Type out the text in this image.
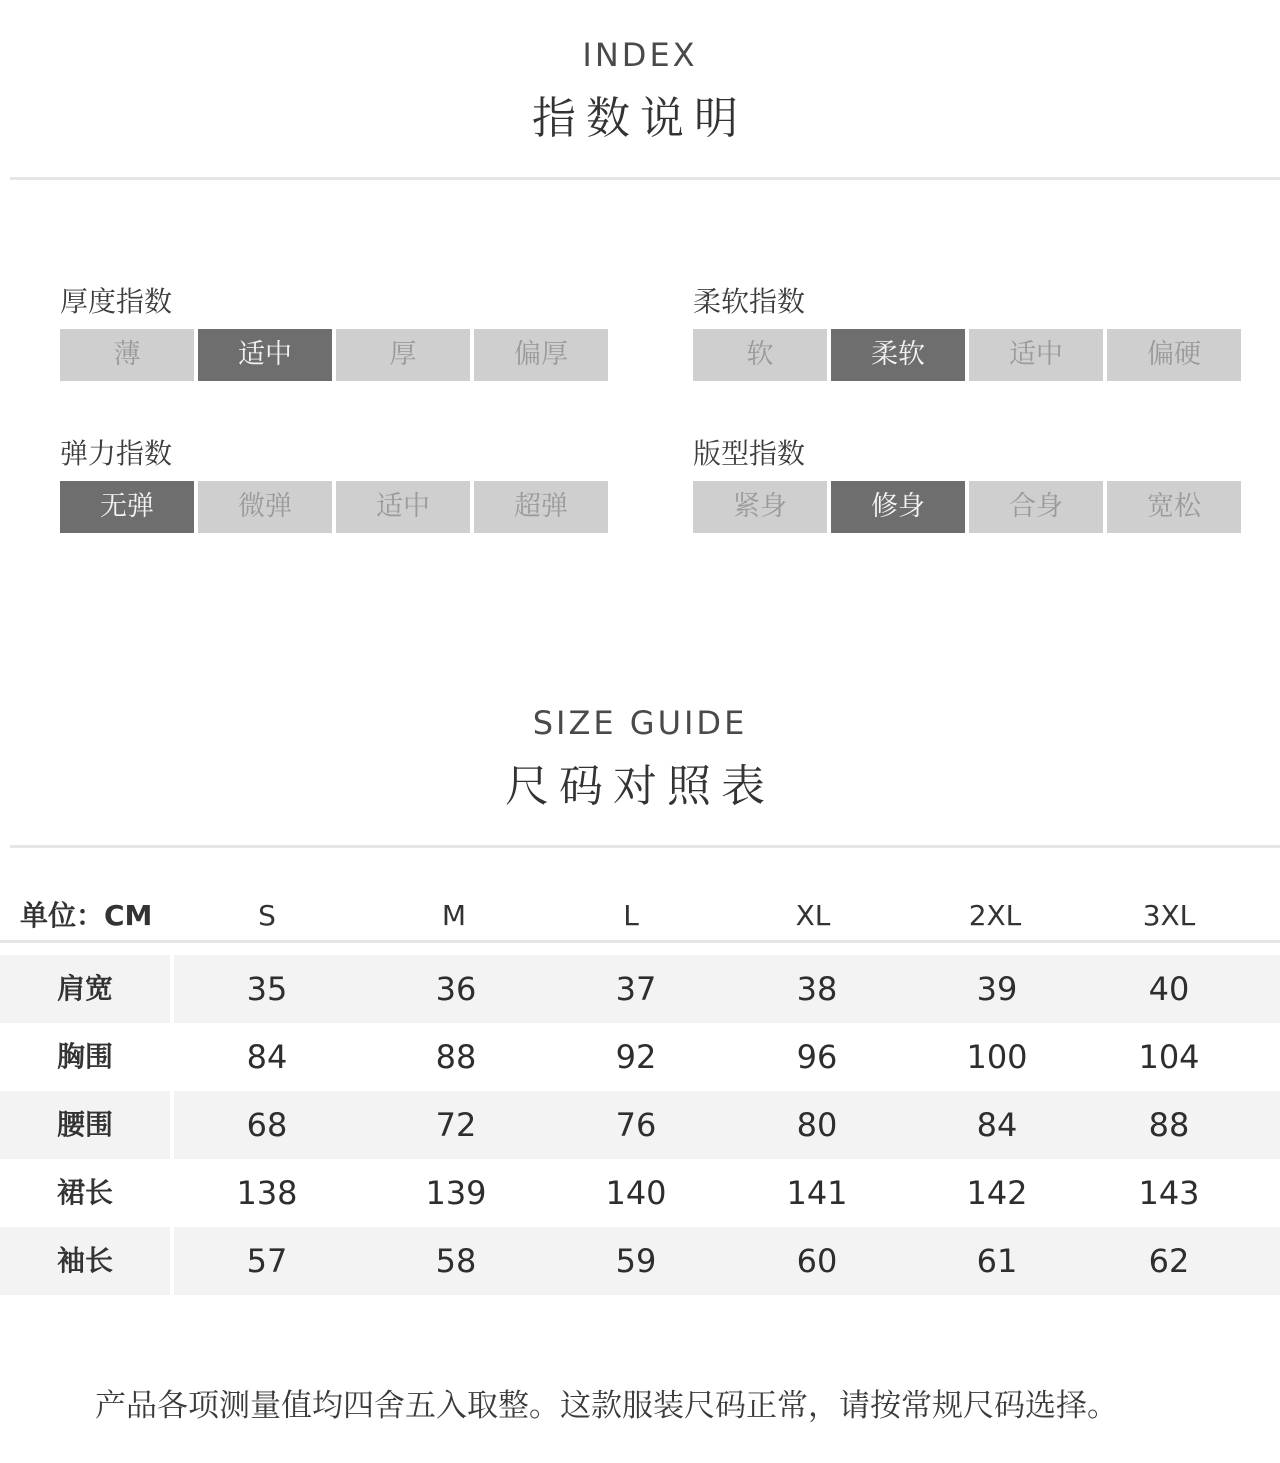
INDEX
指数说明
厚度指数
薄	适中	厚	偏厚
柔软指数
软	柔软	适中	偏硬
弹力指数
无弹	微弹	适中	超弹
版型指数
紧身	修身	合身	宽松
SIZE GUIDE
尺码对照表
单位：CM	S	M	L	XL	2XL	3XL
肩宽	35	36	37	38	39	40
胸围	84	88	92	96	100	104
腰围	68	72	76	80	84	88
裙长	138	139	140	141	142	143
袖长	57	58	59	60	61	62
产品各项测量值均四舍五入取整。这款服装尺码正常，请按常规尺码选择。
